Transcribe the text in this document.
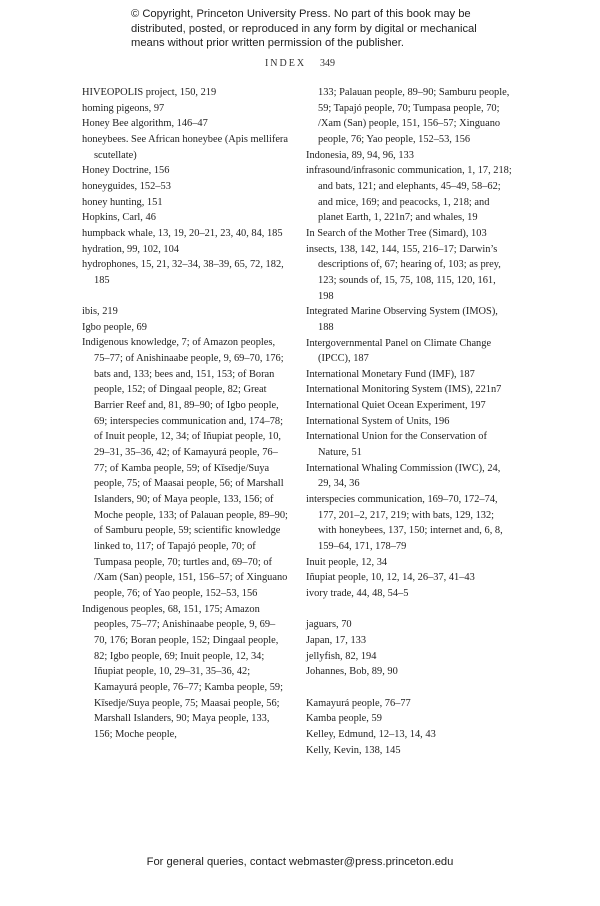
© Copyright, Princeton University Press. No part of this book may be
distributed, posted, or reproduced in any form by digital or mechanical
means without prior written permission of the publisher.
INDEX 349
HIVEOPOLIS project, 150, 219
homing pigeons, 97
Honey Bee algorithm, 146–47
honeybees. See African honeybee (Apis mellifera scutellate)
Honey Doctrine, 156
honeyguides, 152–53
honey hunting, 151
Hopkins, Carl, 46
humpback whale, 13, 19, 20–21, 23, 40, 84, 185
hydration, 99, 102, 104
hydrophones, 15, 21, 32–34, 38–39, 65, 72, 182, 185
ibis, 219
Igbo people, 69
Indigenous knowledge, 7; of Amazon peoples, 75–77; of Anishinaabe people, 9, 69–70, 176; bats and, 133; bees and, 151, 153; of Boran people, 152; of Dingaal people, 82; Great Barrier Reef and, 81, 89–90; of Igbo people, 69; interspecies communication and, 174–78; of Inuit people, 12, 34; of Iñupiat people, 10, 29–31, 35–36, 42; of Kamayurá people, 76–77; of Kamba people, 59; of Kīsedje/Suya people, 75; of Maasai people, 56; of Marshall Islanders, 90; of Maya people, 133, 156; of Moche people, 133; of Palauan people, 89–90; of Samburu people, 59; scientific knowledge linked to, 117; of Tapajó people, 70; of Tumpasa people, 70; turtles and, 69–70; of /Xam (San) people, 151, 156–57; of Xinguano people, 76; of Yao people, 152–53, 156
Indigenous peoples, 68, 151, 175; Amazon peoples, 75–77; Anishinaabe people, 9, 69–70, 176; Boran people, 152; Dingaal people, 82; Igbo people, 69; Inuit people, 12, 34; Iñupiat people, 10, 29–31, 35–36, 42; Kamayurá people, 76–77; Kamba people, 59; Kīsedje/Suya people, 75; Maasai people, 56; Marshall Islanders, 90; Maya people, 133, 156; Moche people,
133; Palauan people, 89–90; Samburu people, 59; Tapajó people, 70; Tumpasa people, 70; /Xam (San) people, 151, 156–57; Xinguano people, 76; Yao people, 152–53, 156
Indonesia, 89, 94, 96, 133
infrasound/infrasonic communication, 1, 17, 218; and bats, 121; and elephants, 45–49, 58–62; and mice, 169; and peacocks, 1, 218; and planet Earth, 1, 221n7; and whales, 19
In Search of the Mother Tree (Simard), 103
insects, 138, 142, 144, 155, 216–17; Darwin’s descriptions of, 67; hearing of, 103; as prey, 123; sounds of, 15, 75, 108, 115, 120, 161, 198
Integrated Marine Observing System (IMOS), 188
Intergovernmental Panel on Climate Change (IPCC), 187
International Monetary Fund (IMF), 187
International Monitoring System (IMS), 221n7
International Quiet Ocean Experiment, 197
International System of Units, 196
International Union for the Conservation of Nature, 51
International Whaling Commission (IWC), 24, 29, 34, 36
interspecies communication, 169–70, 172–74, 177, 201–2, 217, 219; with bats, 129, 132; with honeybees, 137, 150; internet and, 6, 8, 159–64, 171, 178–79
Inuit people, 12, 34
Iñupiat people, 10, 12, 14, 26–37, 41–43
ivory trade, 44, 48, 54–5
jaguars, 70
Japan, 17, 133
jellyfish, 82, 194
Johannes, Bob, 89, 90
Kamayurá people, 76–77
Kamba people, 59
Kelley, Edmund, 12–13, 14, 43
Kelly, Kevin, 138, 145
For general queries, contact webmaster@press.princeton.edu
